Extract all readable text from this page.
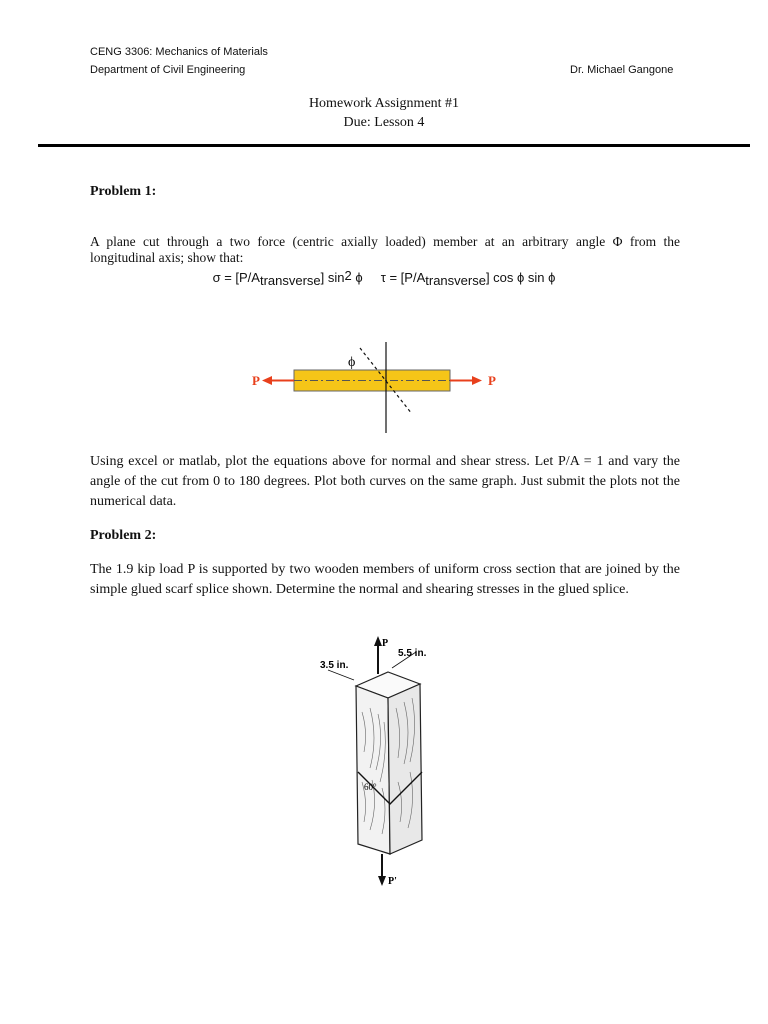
CENG 3306: Mechanics of Materials
Department of Civil Engineering	Dr. Michael Gangone
Homework Assignment #1
Due: Lesson 4
Problem 1:
A plane cut through a two force (centric axially loaded) member at an arbitrary angle Φ from the longitudinal axis; show that:
$\sigma = [P/A_{transverse}]$ $\sin^2 \phi$ $\tau = [P/A_{transverse}]$ cos ϕ sin ϕ
ϕ
P	P
Using excel or matlab, plot the equations above for normal and shear stress. Let P/A = 1 and vary the angle of the cut from 0 to 180 degrees. Plot both curves on the same graph. Just submit the plots not the numerical data.
Problem 2:
The 1.9 kip load P is supported by two wooden members of uniform cross section that are joined by the simple glued scarf splice shown. Determine the normal and shearing stresses in the glued splice.
60°
P
P'
3.5 in.
5.5 in.
